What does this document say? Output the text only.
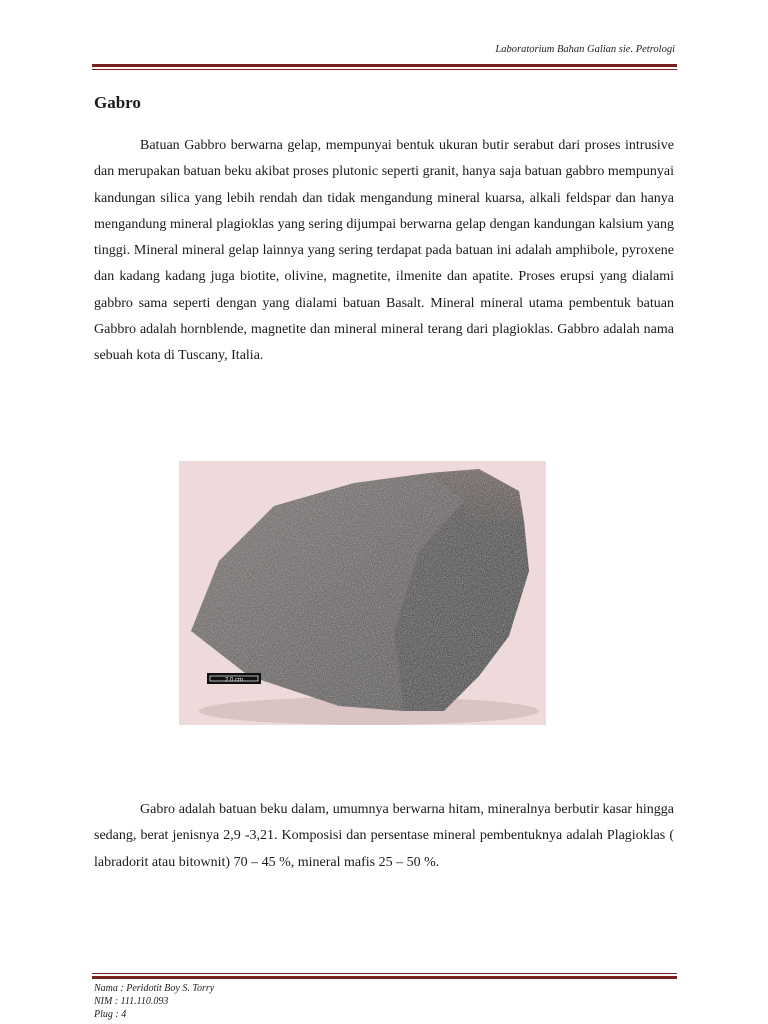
Laboratorium Bahan Galian sie. Petrologi
Gabro

Batuan Gabbro berwarna gelap, mempunyai bentuk ukuran butir serabut dari proses intrusive dan merupakan batuan beku akibat proses plutonic seperti granit, hanya saja batuan gabbro mempunyai kandungan silica yang lebih rendah dan tidak mengandung mineral kuarsa, alkali feldspar dan hanya mengandung mineral plagioklas yang sering dijumpai berwarna gelap dengan kandungan kalsium yang tinggi. Mineral mineral gelap lainnya yang sering terdapat pada batuan ini adalah amphibole, pyroxene dan kadang kadang juga biotite, olivine, magnetite, ilmenite dan apatite. Proses erupsi yang dialami gabbro sama seperti dengan yang dialami batuan Basalt. Mineral mineral utama pembentuk batuan Gabbro adalah hornblende, magnetite dan mineral mineral terang dari plagioklas. Gabbro adalah nama sebuah kota di Tuscany, Italia.

2.0 cm

Gabro adalah batuan beku dalam, umumnya berwarna hitam, mineralnya berbutir kasar hingga sedang, berat jenisnya 2,9 -3,21. Komposisi dan persentase mineral pembentuknya adalah Plagioklas ( labradorit atau bitownit) 70 – 45 %, mineral mafis 25 – 50 %.

Nama : Peridotit Boy S. Torry

NIM : 111.110.093

Plug : 4
